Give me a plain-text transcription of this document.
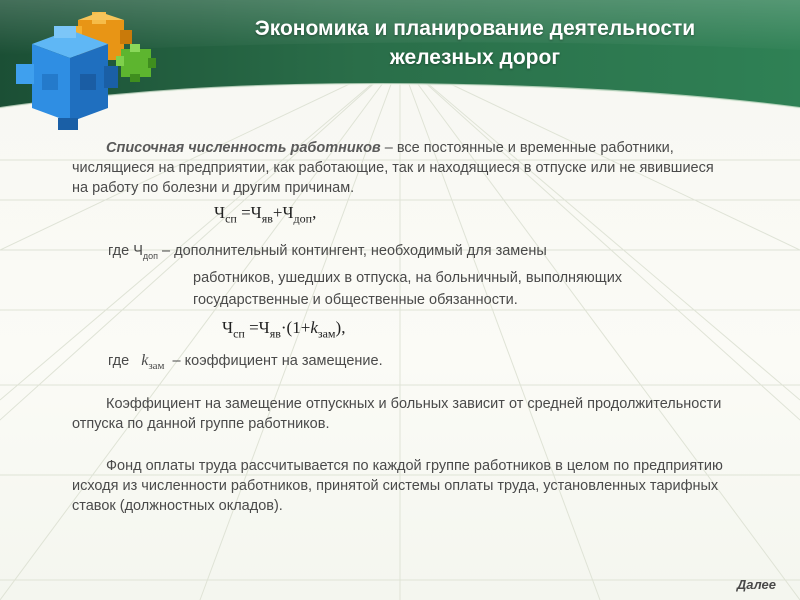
Экономика и планирование деятельности
железных дорог

Списочная численность работников – все постоянные и временные работники, числящиеся на предприятии, как работающие, так и находящиеся в отпуске или не явившиеся на работу по болезни и другим причинам.

$Ч_{сп} =Ч_{яв}+Ч_{доп}$,
где $Ч_{доп}$ – дополнительный контингент, необходимый для замены
работников, ушедших в отпуска, на больничный, выполняющих
государственные и общественные обязанности.
$Ч_{сп} =Ч_{яв}\cdot(1+k_{зам})$,
где $k_{зам}$ – коэффициент на замещение.

Коэффициент на замещение отпускных и больных зависит от средней продолжительности отпуска по данной группе работников.

Фонд оплаты труда рассчитывается по каждой группе работников в целом по предприятию исходя из численности работников, принятой системы оплаты труда, установленных тарифных ставок (должностных окладов).

Далее
